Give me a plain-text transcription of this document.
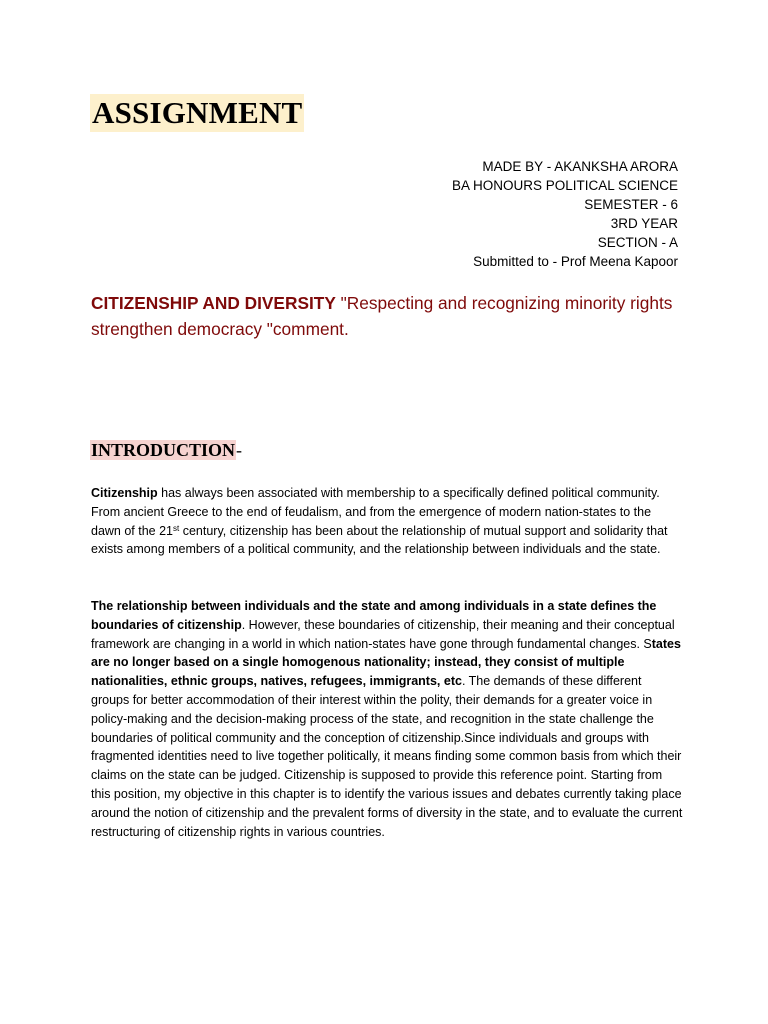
ASSIGNMENT
MADE BY - AKANKSHA ARORA
BA HONOURS POLITICAL SCIENCE
SEMESTER - 6
3RD YEAR
SECTION - A
Submitted to - Prof Meena Kapoor
CITIZENSHIP AND DIVERSITY "Respecting and recognizing minority rights strengthen democracy "comment.
INTRODUCTION-

Citizenship has always been associated with membership to a specifically defined political community. From ancient Greece to the end of feudalism, and from the emergence of modern nation-states to the dawn of the 21st century, citizenship has been about the relationship of mutual support and solidarity that exists among members of a political community, and the relationship between individuals and the state.

The relationship between individuals and the state and among individuals in a state defines the boundaries of citizenship. However, these boundaries of citizenship, their meaning and their conceptual framework are changing in a world in which nation-states have gone through fundamental changes. States are no longer based on a single homogenous nationality; instead, they consist of multiple nationalities, ethnic groups, natives, refugees, immigrants, etc. The demands of these different groups for better accommodation of their interest within the polity, their demands for a greater voice in policy-making and the decision-making process of the state, and recognition in the state challenge the boundaries of political community and the conception of citizenship.Since individuals and groups with fragmented identities need to live together politically, it means finding some common basis from which their claims on the state can be judged. Citizenship is supposed to provide this reference point. Starting from this position, my objective in this chapter is to identify the various issues and debates currently taking place around the notion of citizenship and the prevalent forms of diversity in the state, and to evaluate the current restructuring of citizenship rights in various countries.
